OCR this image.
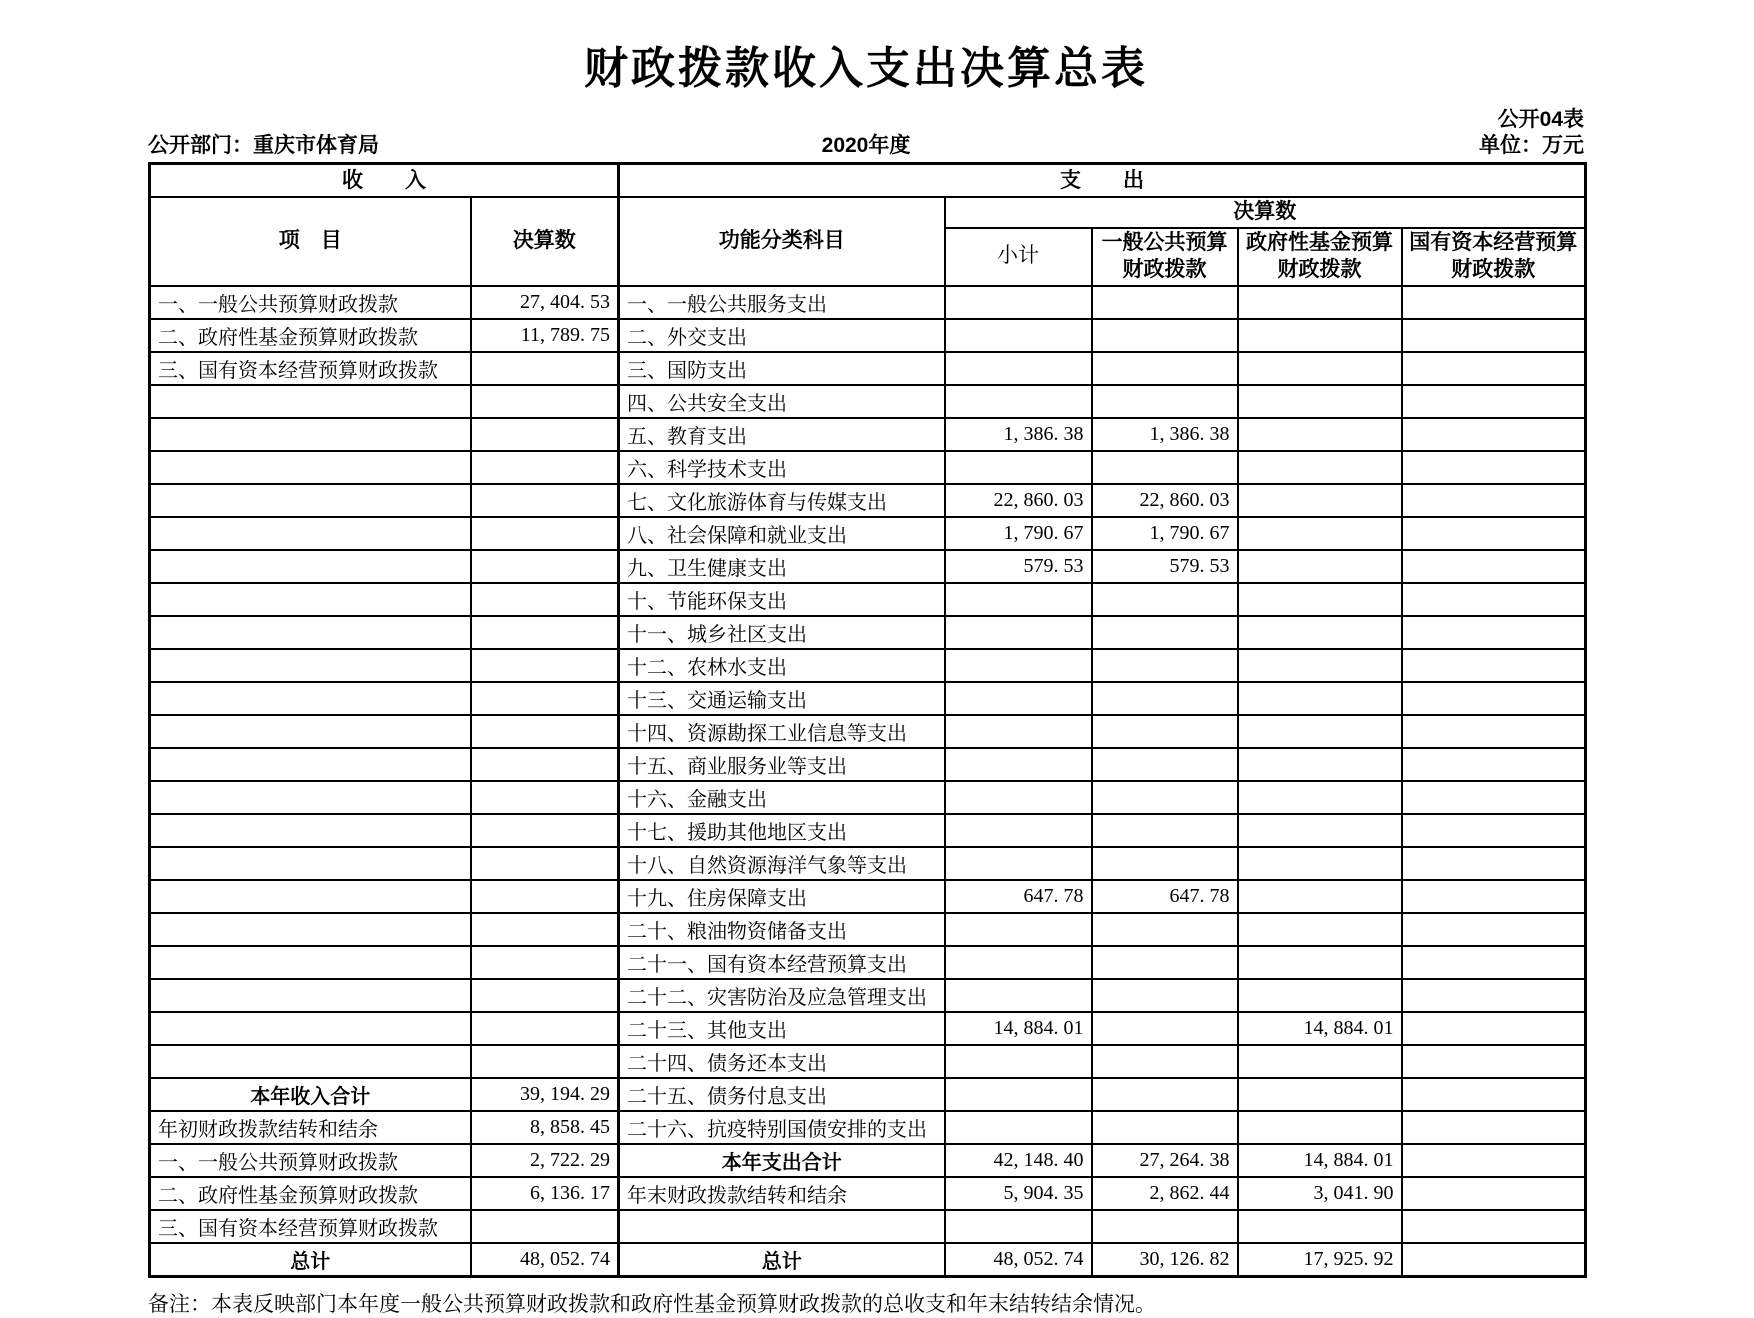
财政拨款收入支出决算总表
公开04表
公开部门：重庆市体育局	2020年度	单位：万元
收　　入		支　　出				
项　目	决算数	功能分类科目	决算数			
			小计	一般公共预算财政拨款	政府性基金预算财政拨款	国有资本经营预算财政拨款
一、一般公共预算财政拨款	27, 404. 53	一、一般公共服务支出				
二、政府性基金预算财政拨款	11, 789. 75	二、外交支出				
三、国有资本经营预算财政拨款		三、国防支出				
		四、公共安全支出				
		五、教育支出	1, 386. 38	1, 386. 38		
		六、科学技术支出				
		七、文化旅游体育与传媒支出	22, 860. 03	22, 860. 03		
		八、社会保障和就业支出	1, 790. 67	1, 790. 67		
		九、卫生健康支出	579. 53	579. 53		
		十、节能环保支出				
		十一、城乡社区支出				
		十二、农林水支出				
		十三、交通运输支出				
		十四、资源勘探工业信息等支出				
		十五、商业服务业等支出				
		十六、金融支出				
		十七、援助其他地区支出				
		十八、自然资源海洋气象等支出				
		十九、住房保障支出	647. 78	647. 78		
		二十、粮油物资储备支出				
		二十一、国有资本经营预算支出				
		二十二、灾害防治及应急管理支出				
		二十三、其他支出	14, 884. 01		14, 884. 01	
		二十四、债务还本支出				
本年收入合计	39, 194. 29	二十五、债务付息支出				
年初财政拨款结转和结余	8, 858. 45	二十六、抗疫特别国债安排的支出				
一、一般公共预算财政拨款	2, 722. 29	本年支出合计	42, 148. 40	27, 264. 38	14, 884. 01	
二、政府性基金预算财政拨款	6, 136. 17	年末财政拨款结转和结余	5, 904. 35	2, 862. 44	3, 041. 90	
三、国有资本经营预算财政拨款						
总计	48, 052. 74	总计	48, 052. 74	30, 126. 82	17, 925. 92	
备注：本表反映部门本年度一般公共预算财政拨款和政府性基金预算财政拨款的总收支和年末结转结余情况。
